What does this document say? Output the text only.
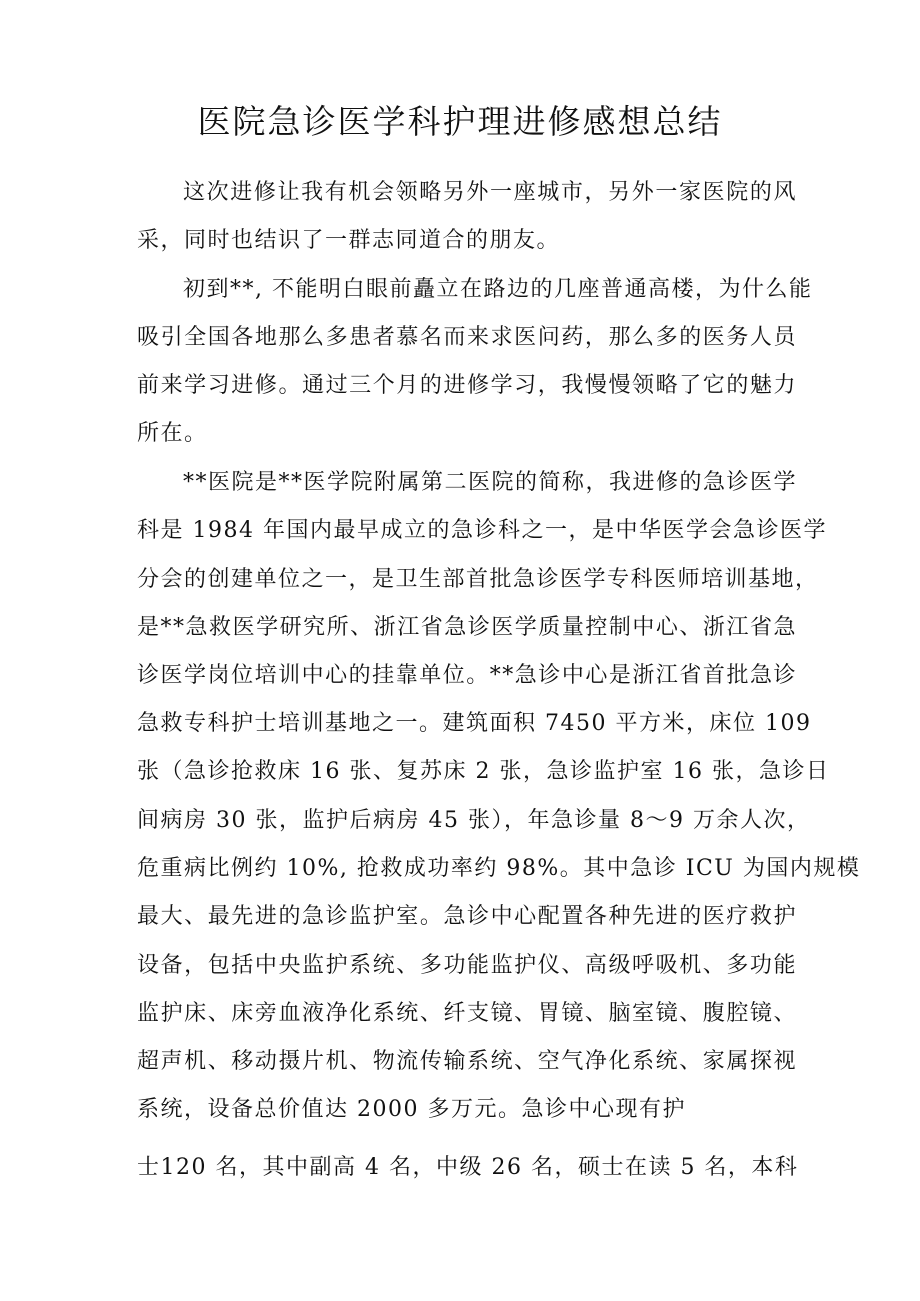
医院急诊医学科护理进修感想总结
这次进修让我有机会领略另外一座城市，另外一家医院的风
采，同时也结识了一群志同道合的朋友。
初到**, 不能明白眼前矗立在路边的几座普通高楼，为什么能
吸引全国各地那么多患者慕名而来求医问药，那么多的医务人员
前来学习进修。通过三个月的进修学习，我慢慢领略了它的魅力
所在。
**医院是**医学院附属第二医院的简称，我进修的急诊医学
科是 1984 年国内最早成立的急诊科之一，是中华医学会急诊医学
分会的创建单位之一，是卫生部首批急诊医学专科医师培训基地，
是**急救医学研究所、浙江省急诊医学质量控制中心、浙江省急
诊医学岗位培训中心的挂靠单位。**急诊中心是浙江省首批急诊
急救专科护士培训基地之一。建筑面积 7450 平方米，床位 109
张（急诊抢救床 16 张、复苏床 2 张，急诊监护室 16 张，急诊日
间病房 30 张，监护后病房 45 张），年急诊量 8～9 万余人次，
危重病比例约 10%, 抢救成功率约 98%。其中急诊 ICU 为国内规模
最大、最先进的急诊监护室。急诊中心配置各种先进的医疗救护
设备，包括中央监护系统、多功能监护仪、高级呼吸机、多功能
监护床、床旁血液净化系统、纤支镜、胃镜、脑室镜、腹腔镜、
超声机、移动摄片机、物流传输系统、空气净化系统、家属探视
系统，设备总价值达 2000 多万元。急诊中心现有护
士120 名，其中副高 4 名，中级 26 名，硕士在读 5 名，本科
